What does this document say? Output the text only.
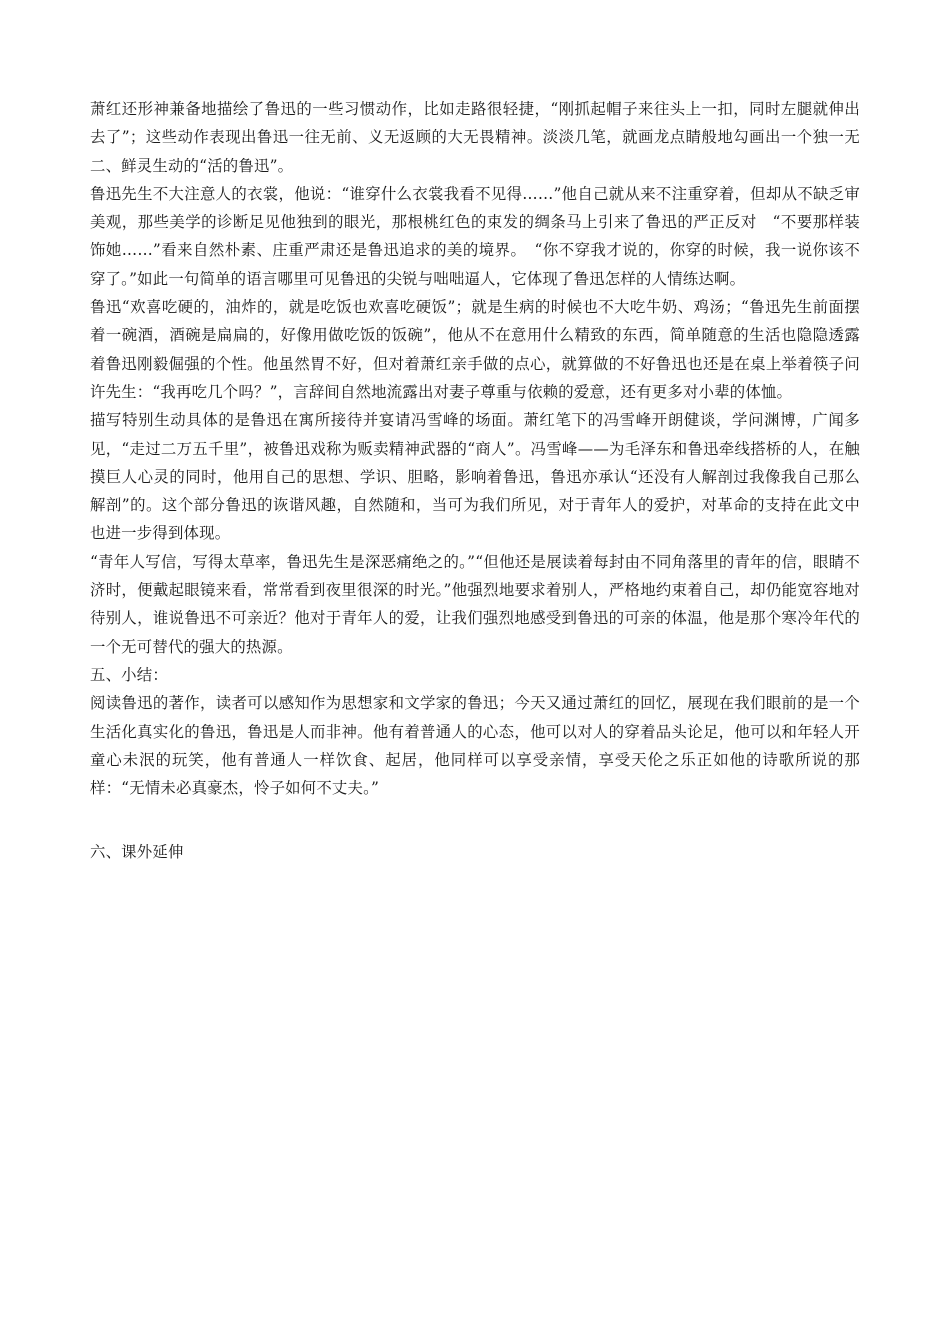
萧红还形神兼备地描绘了鲁迅的一些习惯动作，比如走路很轻捷，“刚抓起帽子来往头上一扣，同时左腿就伸出去了”；这些动作表现出鲁迅一往无前、义无返顾的大无畏精神。淡淡几笔，就画龙点睛般地勾画出一个独一无二、鲜灵生动的“活的鲁迅”。

鲁迅先生不大注意人的衣裳，他说：“谁穿什么衣裳我看不见得……”他自己就从来不注重穿着，但却从不缺乏审美观，那些美学的诊断足见他独到的眼光，那根桃红色的束发的绸条马上引来了鲁迅的严正反对　“不要那样装饰她……”看来自然朴素、庄重严肃还是鲁迅追求的美的境界。　“你不穿我才说的，你穿的时候，我一说你该不穿了。”如此一句简单的语言哪里可见鲁迅的尖锐与咄咄逼人，它体现了鲁迅怎样的人情练达啊。

鲁迅“欢喜吃硬的，油炸的，就是吃饭也欢喜吃硬饭”；就是生病的时候也不大吃牛奶、鸡汤；“鲁迅先生前面摆着一碗酒，酒碗是扁扁的，好像用做吃饭的饭碗”，他从不在意用什么精致的东西，简单随意的生活也隐隐透露着鲁迅刚毅倔强的个性。他虽然胃不好，但对着萧红亲手做的点心，就算做的不好鲁迅也还是在桌上举着筷子问许先生：“我再吃几个吗？”，言辞间自然地流露出对妻子尊重与依赖的爱意，还有更多对小辈的体恤。

描写特别生动具体的是鲁迅在寓所接待并宴请冯雪峰的场面。萧红笔下的冯雪峰开朗健谈，学问渊博，广闻多见，“走过二万五千里”，被鲁迅戏称为贩卖精神武器的“商人”。冯雪峰——为毛泽东和鲁迅牵线搭桥的人，在触摸巨人心灵的同时，他用自己的思想、学识、胆略，影响着鲁迅，鲁迅亦承认“还没有人解剖过我像我自己那么解剖”的。这个部分鲁迅的诙谐风趣，自然随和，当可为我们所见，对于青年人的爱护，对革命的支持在此文中也进一步得到体现。

“青年人写信，写得太草率，鲁迅先生是深恶痛绝之的。”“但他还是展读着每封由不同角落里的青年的信，眼睛不济时，便戴起眼镜来看，常常看到夜里很深的时光。”他强烈地要求着别人，严格地约束着自己，却仍能宽容地对待别人，谁说鲁迅不可亲近？他对于青年人的爱，让我们强烈地感受到鲁迅的可亲的体温，他是那个寒冷年代的一个无可替代的强大的热源。

五、小结：

阅读鲁迅的著作，读者可以感知作为思想家和文学家的鲁迅；今天又通过萧红的回忆，展现在我们眼前的是一个生活化真实化的鲁迅，鲁迅是人而非神。他有着普通人的心态，他可以对人的穿着品头论足，他可以和年轻人开童心未泯的玩笑，他有普通人一样饮食、起居，他同样可以享受亲情，享受天伦之乐正如他的诗歌所说的那样：“无情未必真豪杰，怜子如何不丈夫。”

六、课外延伸
